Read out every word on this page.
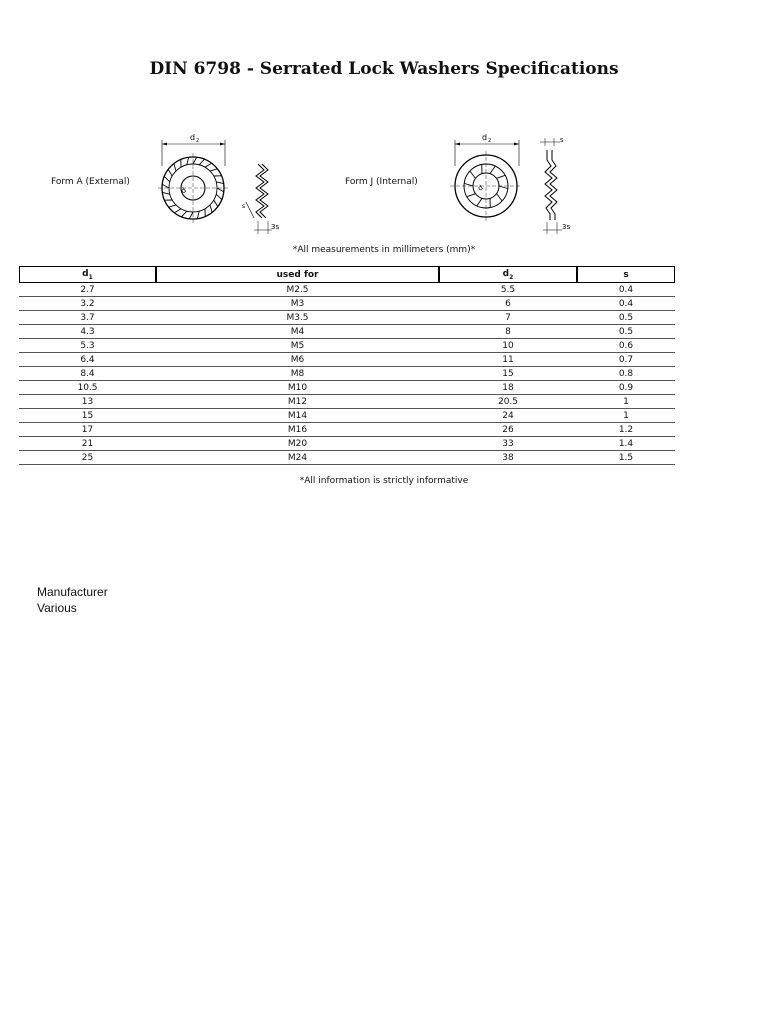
DIN 6798 - Serrated Lock Washers Specifications
Form A (External)
d 2
d
s
3s
Form J (Internal)
d 2
d
s
3s
*All measurements in millimeters (mm)*
$d_1$	used for	$d_2$	s
2.7	M2.5	5.5	0.4
3.2	M3	6	0.4
3.7	M3.5	7	0.5
4.3	M4	8	0.5
5.3	M5	10	0.6
6.4	M6	11	0.7
8.4	M8	15	0.8
10.5	M10	18	0.9
13	M12	20.5	1
15	M14	24	1
17	M16	26	1.2
21	M20	33	1.4
25	M24	38	1.5
*All information is strictly informative
Manufacturer
Various
